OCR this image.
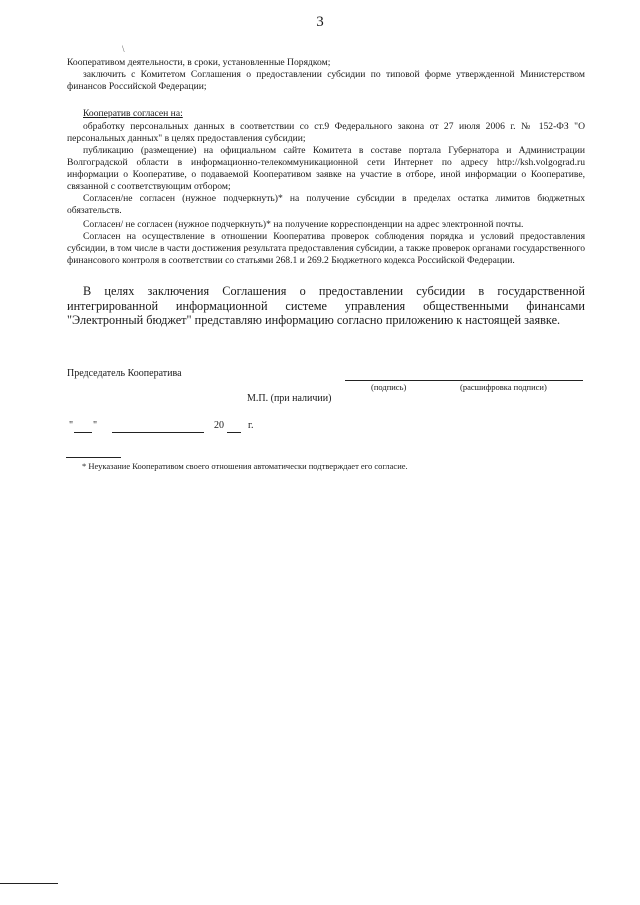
3
\

Кооперативом деятельности, в сроки, установленные Порядком;

заключить с Комитетом Соглашения о предоставлении субсидии по типовой форме утвержденной Министерством финансов Российской Федерации;

Кооператив согласен на:

обработку персональных данных в соответствии со ст.9 Федерального закона от 27 июля 2006 г. № 152-ФЗ "О персональных данных" в целях предоставления субсидии;

публикацию (размещение) на официальном сайте Комитета в составе портала Губернатора и Администрации Волгоградской области в информационно-телекоммуникационной сети Интернет по адресу http://ksh.volgograd.ru информации о Кооперативе, о подаваемой Кооперативом заявке на участие в отборе, иной информации о Кооперативе, связанной с соответствующим отбором;

Согласен/не согласен (нужное подчеркнуть)* на получение субсидии в пределах остатка лимитов бюджетных обязательств.

Согласен/ не согласен (нужное подчеркнуть)* на получение корреспонденции на адрес электронной почты.

Согласен на осуществление в отношении Кооператива проверок соблюдения порядка и условий предоставления субсидии, в том числе в части достижения результата предоставления субсидии, а также проверок органами государственного финансового контроля в соответствии со статьями 268.1 и 269.2 Бюджетного кодекса Российской Федерации.

В целях заключения Соглашения о предоставлении субсидии в государственной интегрированной информационной системе управления общественными финансами "Электронный бюджет" представляю информацию согласно приложению к настоящей заявке.

Председатель Кооператива
(подпись)	(расшифровка подписи)
М.П. (при наличии)
" "	20 г.
* Неуказание Кооперативом своего отношения автоматически подтверждает его согласие.
